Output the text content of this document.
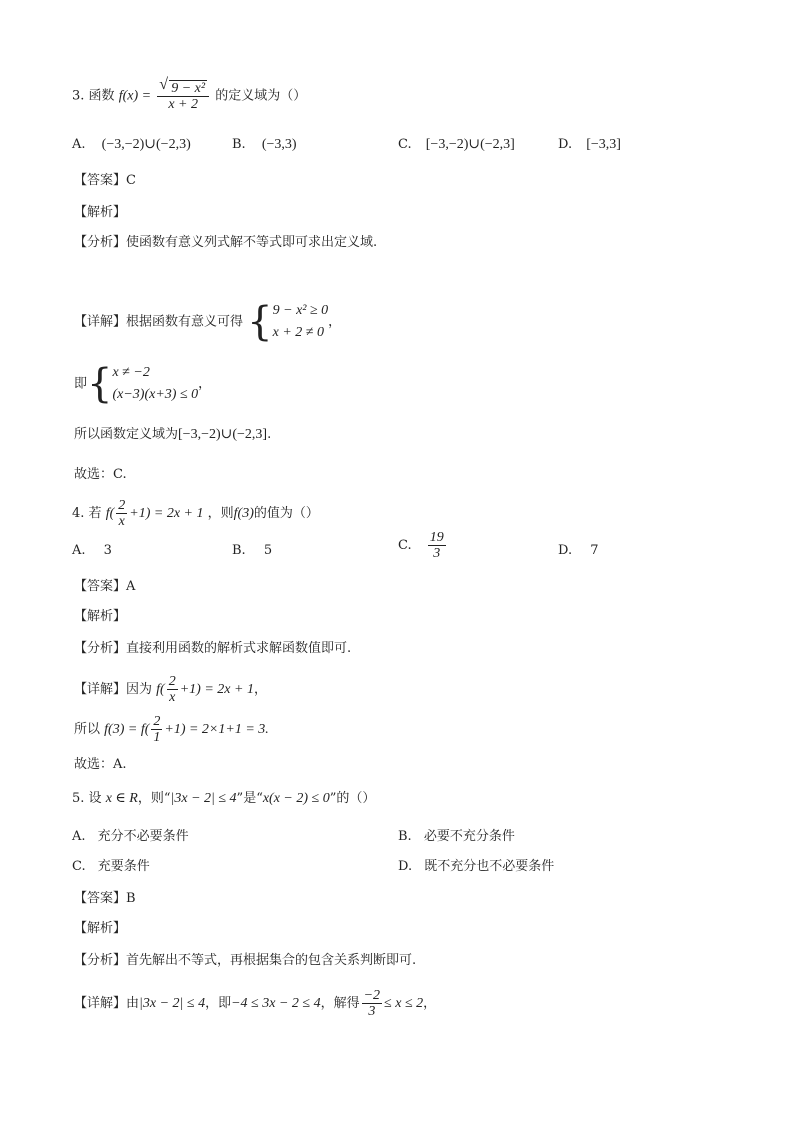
3. 函数 $f(x) = \frac{\text{√ 9 − x²}}{x + 2}$ 的定义域为（）
A. (−3,−2)∪(−2,3)	B. (−3,3)	C. [−3,−2)∪(−2,3]	D. [−3,3]
【答案】C
【解析】
【分析】使函数有意义列式解不等式即可求出定义域.
【详解】根据函数有意义可得 { 9 − x² ≥ 0
x + 2 ≠ 0
，
即{ x ≠ −2
(x−3)(x+3) ≤ 0
，
所以函数定义域为[−3,−2)∪(−2,3].
故选：C.
4. 若 $f( \frac{2}{x} +1) = 2x + 1$ ，则f(3)的值为（）
A. 3	B. 5	C. $\frac{19}{3}$	D. 7
【答案】A
【解析】
【分析】直接利用函数的解析式求解函数值即可.
【详解】因为 $f( \frac{2}{x} +1) = 2x + 1$，
所以 $f(3) = f( \frac{2}{1} +1) = 2\times 1+1 = 3$.
故选：A.
5. 设 x ∈ R，则“|3x − 2| ≤ 4”是“x(x − 2) ≤ 0”的（）
A. 充分不必要条件	B. 必要不充分条件
C. 充要条件	D. 既不充分也不必要条件
【答案】B
【解析】
【分析】首先解出不等式，再根据集合的包含关系判断即可.
【详解】由|3x − 2| ≤ 4，即−4 ≤ 3x − 2 ≤ 4，解得 $\frac{-2}{3} \le x \le 2$，
